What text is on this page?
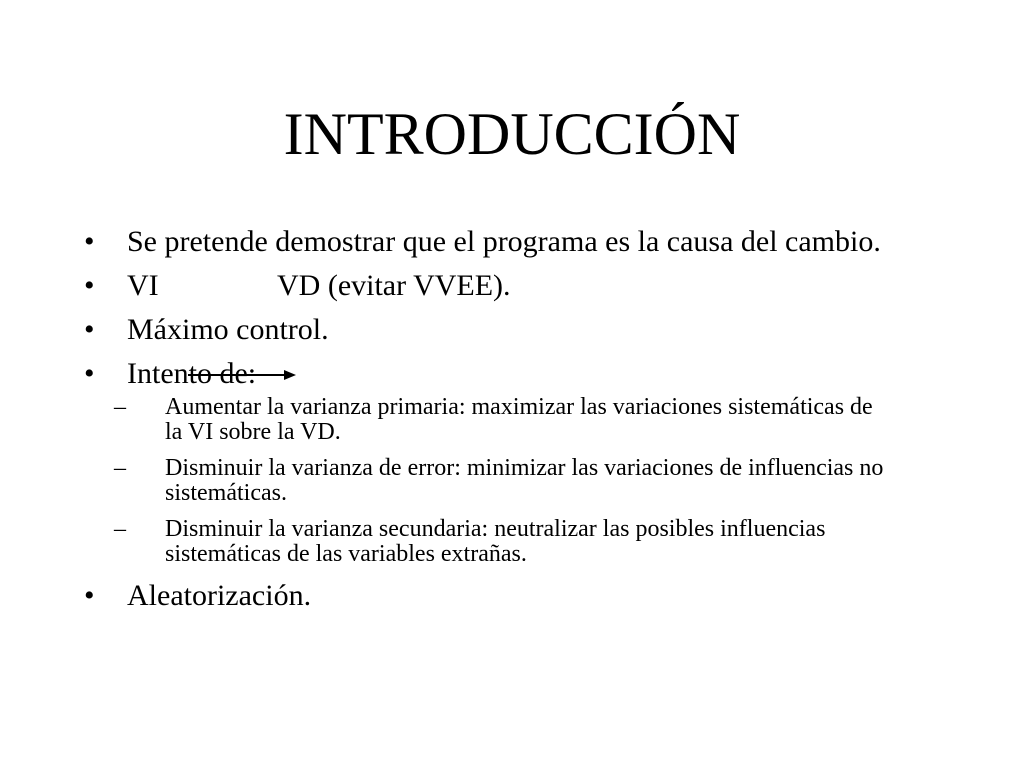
INTRODUCCIÓN
•	Se pretende demostrar que el programa es la causa del cambio.
•	VI	VD (evitar VVEE).
•	Máximo control.
•	Intento de:
–	Aumentar la varianza primaria: maximizar las variaciones sistemáticas de la VI sobre la VD.
–	Disminuir la varianza de error: minimizar las variaciones de influencias no sistemáticas.
–	Disminuir la varianza secundaria: neutralizar las posibles influencias sistemáticas de las variables extrañas.
•	Aleatorización.
